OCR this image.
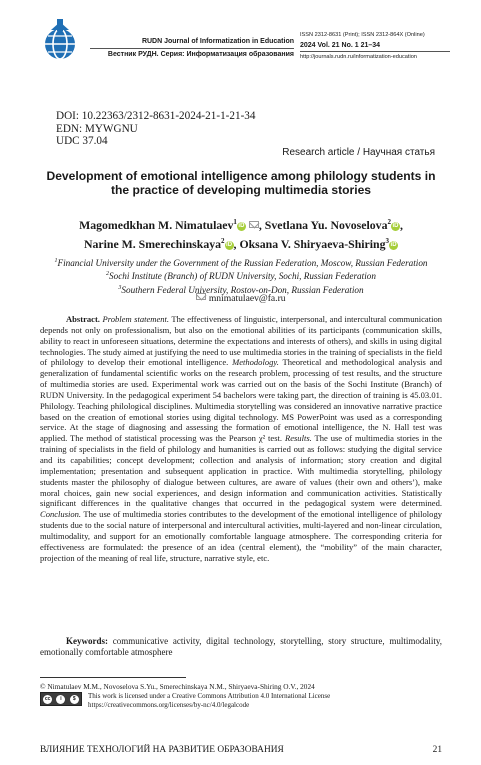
RUDN Journal of Informatization in Education
Вестник РУДН. Серия: Информатизация образования
ISSN 2312-8631 (Print); ISSN 2312-864X (Online)
2024 Vol. 21 No. 1 21–34
http://journals.rudn.ru/informatization-education
DOI: 10.22363/2312-8631-2024-21-1-21-34
EDN: MYWGNU
UDC 37.04
Research article / Научная статья
Development of emotional intelligence among philology students in the practice of developing multimedia stories
Magomedkhan M. Nimatulaev$^1$ iD , Svetlana Yu. Novoselova$^2$ iD ,
Narine M. Smerechinskaya$^2$ iD , Oksana V. Shiryaeva-Shiring$^3$ iD
$^1$Financial University under the Government of the Russian Federation, Moscow, Russian Federation
$^2$Sochi Institute (Branch) of RUDN University, Sochi, Russian Federation
$^3$Southern Federal University, Rostov-on-Don, Russian Federation
mnimatulaev@fa.ru
Abstract. Problem statement. The effectiveness of linguistic, interpersonal, and intercultural communication depends not only on professionalism, but also on the emotional abilities of its participants (communication skills, ability to react in unforeseen situations, determine the expectations and interests of others), and skills in using digital technologies. The study aimed at justifying the need to use multimedia stories in the training of specialists in the field of philology to develop their emotional intelligence. Methodology. Theoretical and methodological analysis and generalization of fundamental scientific works on the research problem, processing of test results, and the structure of multimedia stories are used. Experimental work was carried out on the basis of the Sochi Institute (Branch) of RUDN University. In the pedagogical experiment 54 bachelors were taking part, the direction of training is 45.03.01. Philology. Teaching philological disciplines. Multimedia storytelling was considered an innovative narrative practice based on the creation of emotional stories using digital technology. MS PowerPoint was used as a corresponding service. At the stage of diagnosing and assessing the formation of emotional intelligence, the N. Hall test was applied. The method of statistical processing was the Pearson χ² test. Results. The use of multimedia stories in the training of specialists in the field of philology and humanities is carried out as follows: studying the digital service and its capabilities; concept development; collection and analysis of information; story creation and digital implementation; presentation and subsequent application in practice. With multimedia storytelling, philology students master the philosophy of dialogue between cultures, are aware of values (their own and others’), make moral choices, gain new social experiences, and design information and communication activities. Statistically significant differences in the qualitative changes that occurred in the pedagogical system were determined. Conclusion. The use of multimedia stories contributes to the development of the emotional intelligence of philology students due to the social nature of interpersonal and intercultural activities, multi-layered and non-linear circulation, multimodality, and support for an emotionally comfortable language atmosphere. The corresponding criteria for effectiveness are formulated: the presence of an idea (central element), the “mobility” of the main character, projection of the meaning of real life, structure, narrative style, etc.
Keywords: communicative activity, digital technology, storytelling, story structure, multimodality, emotionally comfortable atmosphere
© Nimatulaev M.M., Novoselova S.Yu., Smerechinskaya N.M., Shiryaeva-Shiring O.V., 2024
cc	i	$	This work is licensed under a Creative Commons Attribution 4.0 International License
https://creativecommons.org/licenses/by-nc/4.0/legalcode
ВЛИЯНИЕ ТЕХНОЛОГИЙ НА РАЗВИТИЕ ОБРАЗОВАНИЯ	21
